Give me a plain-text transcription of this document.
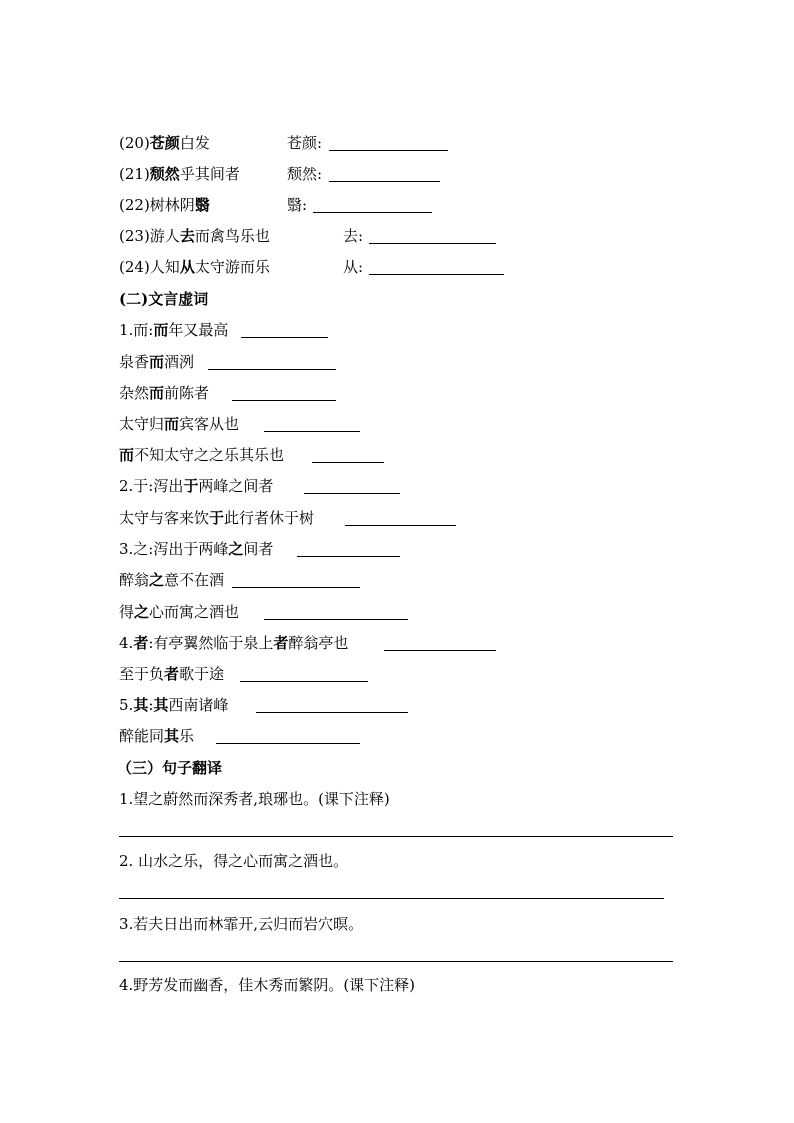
(20)苍颜白发	苍颜:
(21)颓然乎其间者	颓然:
(22)树林阴翳	翳:
(23)游人去而禽鸟乐也	去:
(24)人知从太守游而乐	从:
(二)文言虚词
1.而:而年又最高
泉香而酒洌
杂然而前陈者
太守归而宾客从也
而不知太守之之乐其乐也
2.于:泻出于两峰之间者
太守与客来饮于此行者休于树
3.之:泻出于两峰之间者
醉翁之意不在酒
得之心而寓之酒也
4.者:有亭翼然临于泉上者醉翁亭也
至于负者歌于途
5.其:其西南诸峰
醉能同其乐
（三）句子翻译
1.望之蔚然而深秀者,琅琊也。(课下注释)
2. 山水之乐，得之心而寓之酒也。
3.若夫日出而林霏开,云归而岩穴暝。
4.野芳发而幽香，佳木秀而繁阴。(课下注释)
